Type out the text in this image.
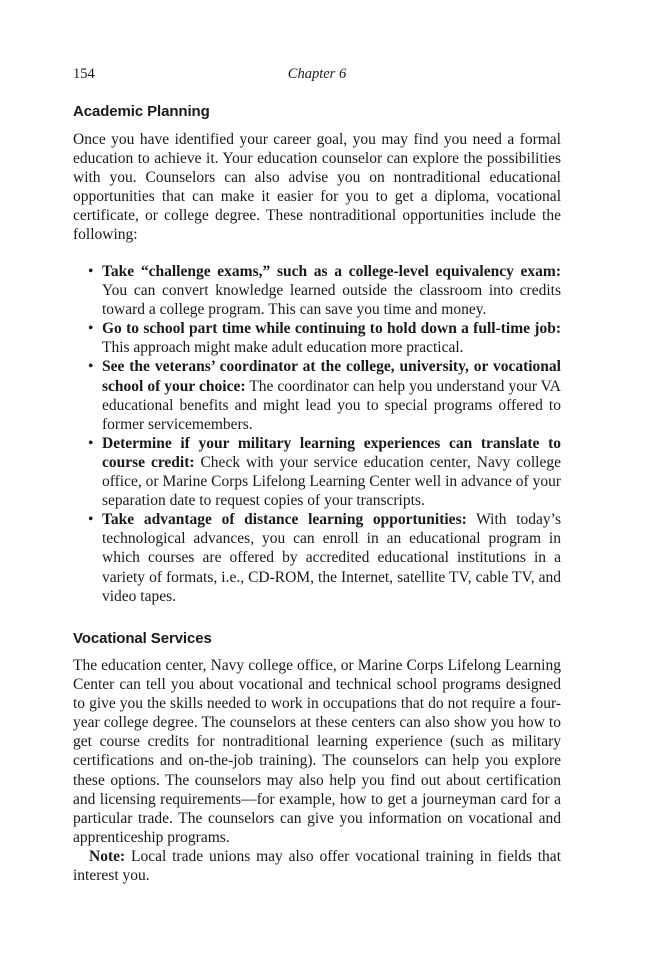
154	Chapter 6
Academic Planning

Once you have identified your career goal, you may find you need a formal education to achieve it. Your education counselor can explore the possibilities with you. Counselors can also advise you on nontraditional educational opportunities that can make it easier for you to get a diploma, vocational certificate, or college degree. These nontraditional opportunities include the following:

• Take “challenge exams,” such as a college-level equivalency exam: You can convert knowledge learned outside the classroom into credits toward a college program. This can save you time and money.
• Go to school part time while continuing to hold down a full-time job: This approach might make adult education more practical.
• See the veterans’ coordinator at the college, university, or vocational school of your choice: The coordinator can help you understand your VA educational benefits and might lead you to special programs offered to former servicemembers.
• Determine if your military learning experiences can translate to course credit: Check with your service education center, Navy college office, or Marine Corps Lifelong Learning Center well in advance of your separation date to request copies of your transcripts.
• Take advantage of distance learning opportunities: With today’s technological advances, you can enroll in an educational program in which courses are offered by accredited educational institutions in a variety of formats, i.e., CD-ROM, the Internet, satellite TV, cable TV, and video tapes.
Vocational Services

The education center, Navy college office, or Marine Corps Lifelong Learning Center can tell you about vocational and technical school programs designed to give you the skills needed to work in occupations that do not require a four-year college degree. The counselors at these centers can also show you how to get course credits for nontraditional learning experience (such as military certifications and on-the-job training). The counselors can help you explore these options. The counselors may also help you find out about certification and licensing requirements—for example, how to get a journeyman card for a particular trade. The counselors can give you information on vocational and apprenticeship programs.

Note: Local trade unions may also offer vocational training in fields that interest you.
